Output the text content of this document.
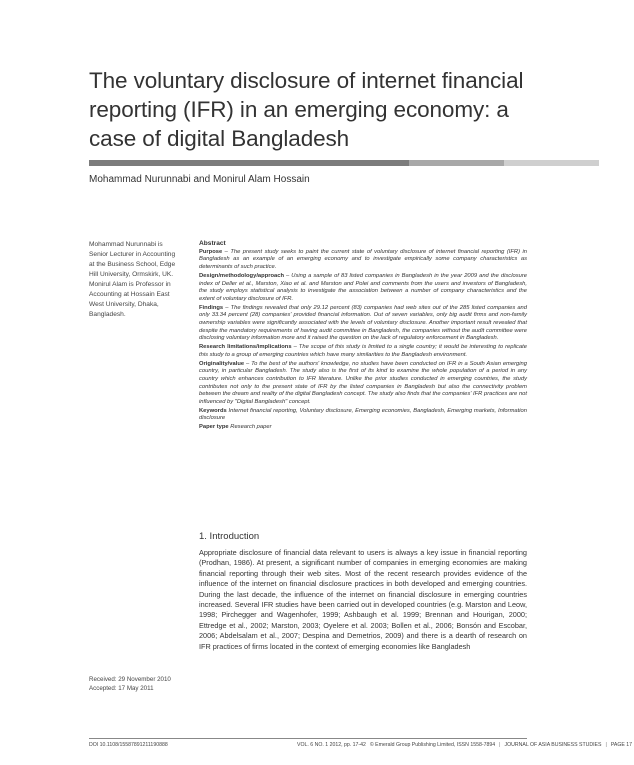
The voluntary disclosure of internet financial reporting (IFR) in an emerging economy: a case of digital Bangladesh

Mohammad Nurunnabi and Monirul Alam Hossain

Mohammad Nurunnabi is Senior Lecturer in Accounting at the Business School, Edge Hill University, Ormskirk, UK. Monirul Alam is Professor in Accounting at Hossain East West University, Dhaka, Bangladesh.

Abstract

Purpose – The present study seeks to paint the current state of voluntary disclosure of internet financial reporting (IFR) in Bangladesh as an example of an emerging economy and to investigate empirically some company characteristics as determinants of such practice.

Design/methodology/approach – Using a sample of 83 listed companies in Bangladesh in the year 2009 and the disclosure index of Deller et al., Marston, Xiao et al. and Marston and Polei and comments from the users and investors of Bangladesh, the study employs statistical analysis to investigate the association between a number of company characteristics and the extent of voluntary disclosure of IFR.

Findings – The findings revealed that only 29.12 percent (83) companies had web sites out of the 285 listed companies and only 33.34 percent (28) companies' provided financial information. Out of seven variables, only big audit firms and non-family ownership variables were significantly associated with the levels of voluntary disclosure. Another important result revealed that despite the mandatory requirements of having audit committee in Bangladesh, the companies without the audit committee were disclosing voluntary information more and it raised the question on the lack of regulatory enforcement in Bangladesh.

Research limitations/implications – The scope of this study is limited to a single country; it would be interesting to replicate this study to a group of emerging countries which have many similarities to the Bangladesh environment.

Originality/value – To the best of the authors' knowledge, no studies have been conducted on IFR in a South Asian emerging country, in particular Bangladesh. The study also is the first of its kind to examine the whole population of a period in any country which enhances contribution to IFR literature. Unlike the prior studies conducted in emerging countries, the study contributes not only to the present state of IFR by the listed companies in Bangladesh but also the connectivity problem between the dream and reality of the digital Bangladesh concept. The study also finds that the companies' IFR practices are not influenced by "Digital Bangladesh" concept.

Keywords Internet financial reporting, Voluntary disclosure, Emerging economies, Bangladesh, Emerging markets, Information disclosure

Paper type Research paper

1. Introduction

Appropriate disclosure of financial data relevant to users is always a key issue in financial reporting (Prodhan, 1986). At present, a significant number of companies in emerging economies are making financial reporting through their web sites. Most of the recent research provides evidence of the influence of the internet on financial disclosure practices in both developed and emerging countries. During the last decade, the influence of the internet on financial disclosure in emerging countries increased. Several IFR studies have been carried out in developed countries (e.g. Marston and Leow, 1998; Pirchegger and Wagenhofer, 1999; Ashbaugh et al. 1999; Brennan and Hourigan, 2000; Ettredge et al., 2002; Marston, 2003; Oyelere et al. 2003; Bollen et al., 2006; Bonsón and Escobar, 2006; Abdelsalam et al., 2007; Despina and Demetrios, 2009) and there is a dearth of research on IFR practices of firms located in the context of emerging economies like Bangladesh

Received: 29 November 2010

Accepted: 17 May 2011

DOI 10.1108/15587891211190888	VOL. 6 NO. 1 2012, pp. 17-42 © Emerald Group Publishing Limited, ISSN 1558-7894 | JOURNAL OF ASIA BUSINESS STUDIES | PAGE 17
